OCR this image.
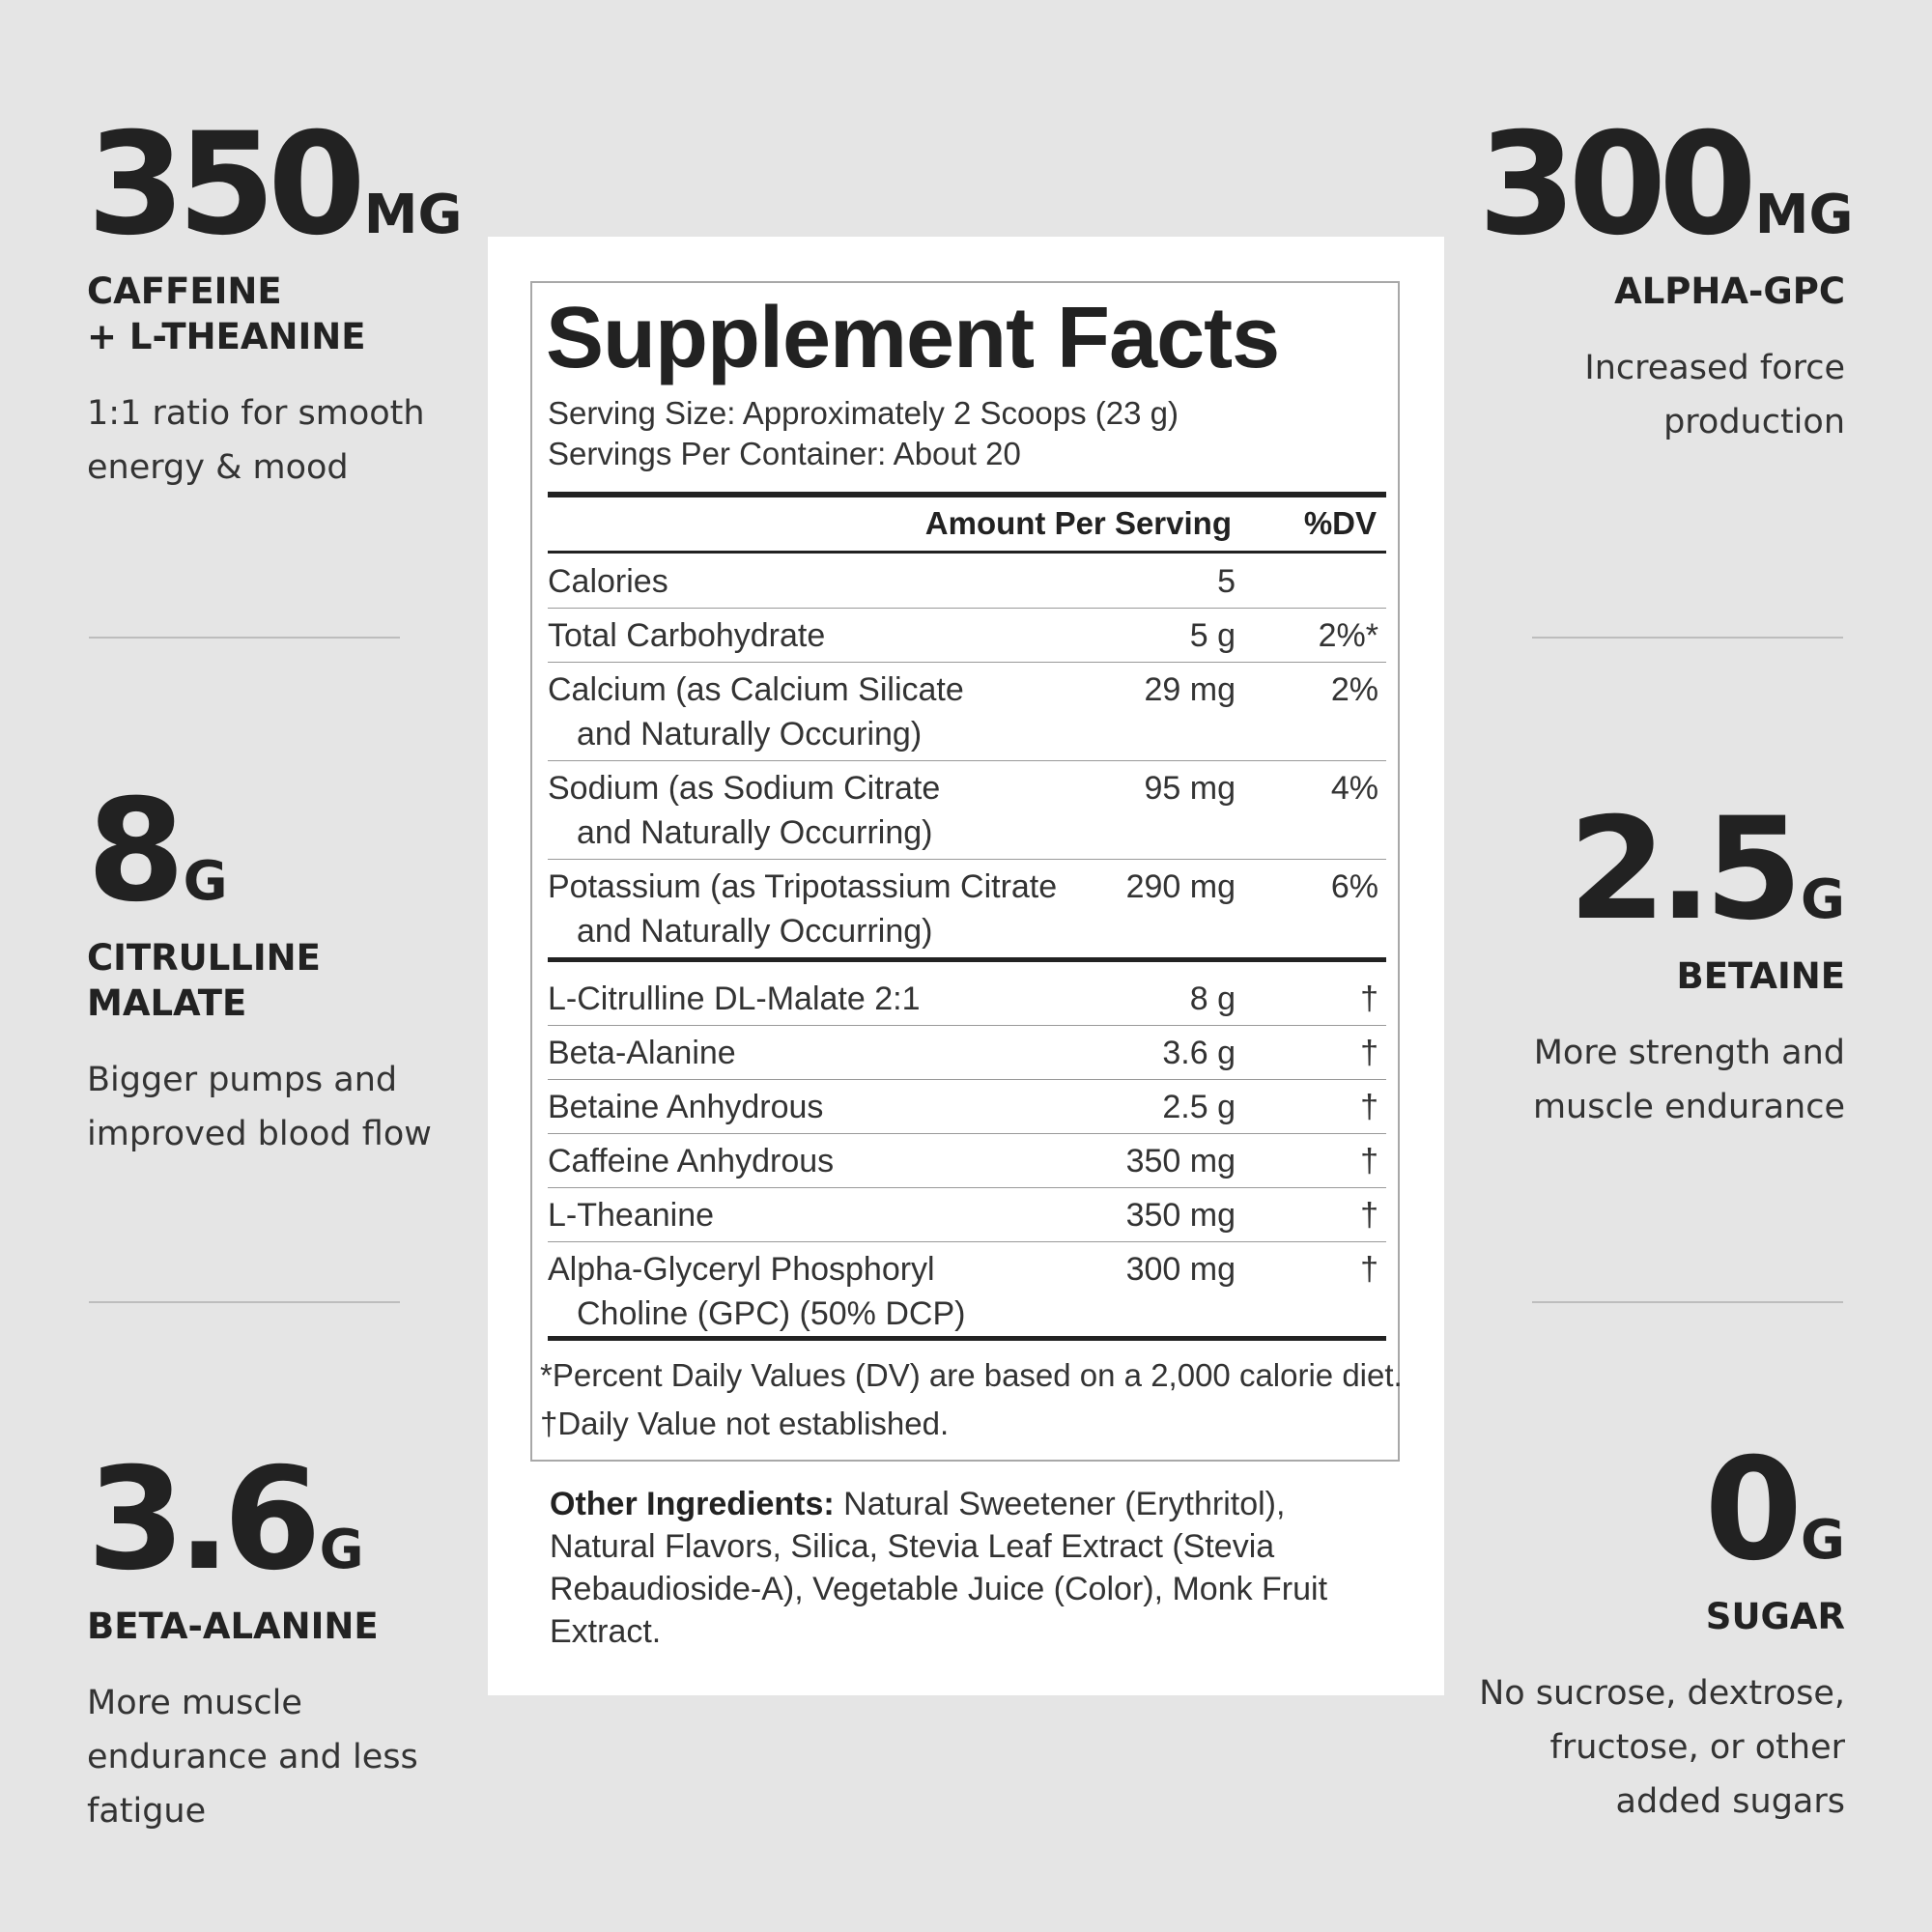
350 MG
CAFFEINE
+ L-THEANINE
1:1 ratio for smooth
energy & mood
8 G
CITRULLINE
MALATE
Bigger pumps and
improved blood flow
3.6 G
BETA-ALANINE
More muscle
endurance and less
fatigue
300 MG
ALPHA-GPC
Increased force
production
2.5 G
BETAINE
More strength and
muscle endurance
0 G
SUGAR
No sucrose, dextrose,
fructose, or other
added sugars
Supplement Facts
Serving Size: Approximately 2 Scoops (23 g)
Servings Per Container: About 20
Amount Per Serving %DV
Calories	5
Total Carbohydrate	5 g	2%*
Calcium (as Calcium Silicate
and Naturally Occuring)
29 mg	2%
Sodium (as Sodium Citrate
and Naturally Occurring)
95 mg	4%
Potassium (as Tripotassium Citrate
and Naturally Occurring)
290 mg	6%
L-Citrulline DL-Malate 2:1	8 g	†
Beta-Alanine	3.6 g	†
Betaine Anhydrous	2.5 g	†
Caffeine Anhydrous	350 mg	†
L-Theanine	350 mg	†
Alpha-Glyceryl Phosphoryl
Choline (GPC) (50% DCP)
300 mg	†
*Percent Daily Values (DV) are based on a 2,000 calorie diet.
†Daily Value not established.
Other Ingredients: Natural Sweetener (Erythritol), Natural Flavors, Silica, Stevia Leaf Extract (Stevia Rebaudioside-A), Vegetable Juice (Color), Monk Fruit Extract.
